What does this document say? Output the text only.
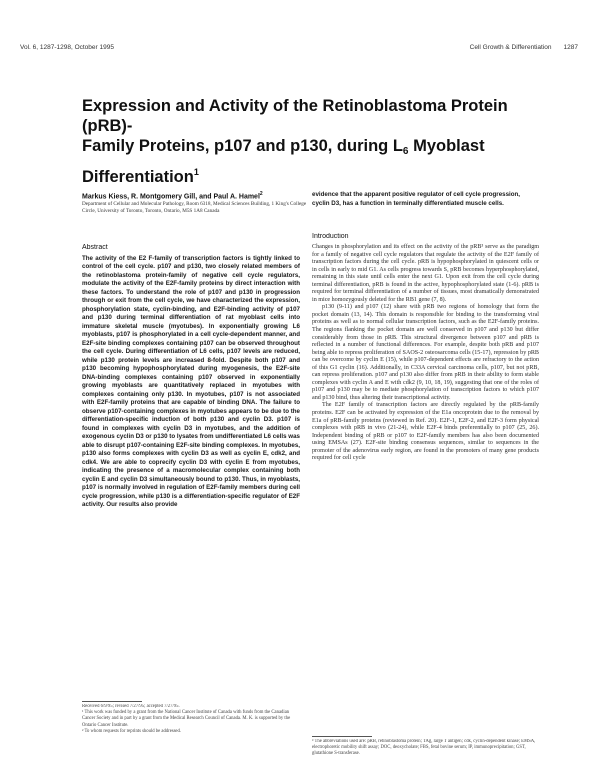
Vol. 6, 1287-1298, October 1995	Cell Growth & Differentiation 1287
Expression and Activity of the Retinoblastoma Protein (pRB)-
Family Proteins, p107 and p130, during $L_6$ Myoblast
Differentiation$^1$
Markus Kiess, R. Montgomery Gill, and Paul A. Hamel$^2$
Department of Cellular and Molecular Pathology, Room 6318, Medical Sciences Building, 1 King's College Circle, University of Toronto, Toronto, Ontario, M5S 1A8 Canada
Abstract
The activity of the E2 F-family of transcription factors is tightly linked to control of the cell cycle. p107 and p130, two closely related members of the retinoblastoma protein-family of negative cell cycle regulators, modulate the activity of the E2F-family proteins by direct interaction with these factors. To understand the role of p107 and p130 in progression through or exit from the cell cycle, we have characterized the expression, phosphorylation state, cyclin-binding, and E2F-binding activity of p107 and p130 during terminal differentiation of rat myoblast cells into immature skeletal muscle (myotubes). In exponentially growing L6 myoblasts, p107 is phosphorylated in a cell cycle-dependent manner, and E2F-site binding complexes containing p107 can be observed throughout the cell cycle. During differentiation of L6 cells, p107 levels are reduced, while p130 protein levels are increased 8-fold. Despite both p107 and p130 becoming hypophosphorylated during myogenesis, the E2F-site DNA-binding complexes containing p107 observed in exponentially growing myoblasts are quantitatively replaced in myotubes with complexes containing only p130. In myotubes, p107 is not associated with E2F-family proteins that are capable of binding DNA. The failure to observe p107-containing complexes in myotubes appears to be due to the differentiation-specific induction of both p130 and cyclin D3. p107 is found in complexes with cyclin D3 in myotubes, and the addition of exogenous cyclin D3 or p130 to lysates from undifferentiated L6 cells was able to disrupt p107-containing E2F-site binding complexes. In myotubes, p130 also forms complexes with cyclin D3 as well as cyclin E, cdk2, and cdk4. We are able to coprecify cyclin D3 with cyclin E from myotubes, indicating the presence of a macromolecular complex containing both cyclin E and cyclin D3 simultaneously bound to p130. Thus, in myoblasts, p107 is normally involved in regulation of E2F-family members during cell cycle progression, while p130 is a differentiation-specific regulator of E2F activity. Our results also provide
evidence that the apparent positive regulator of cell cycle progression, cyclin D3, has a function in terminally differentiated muscle cells.
Introduction

Changes in phosphorylation and its effect on the activity of the pRB³ serve as the paradigm for a family of negative cell cycle regulators that regulate the activity of the E2F family of transcription factors during the cell cycle. pRB is hypophosphorylated in quiescent cells or in cells in early to mid G1. As cells progress towards S, pRB becomes hyperphosphorylated, remaining in this state until cells enter the next G1. Upon exit from the cell cycle during terminal differentiation, pRB is found in the active, hypophosphorylated state (1-6). pRB is required for terminal differentiation of a number of tissues, most dramatically demonstrated in mice homozygously deleted for the RB1 gene (7, 8).

p130 (9-11) and p107 (12) share with pRB two regions of homology that form the pocket domain (13, 14). This domain is responsible for binding to the transforming viral proteins as well as to normal cellular transcription factors, such as the E2F-family proteins. The regions flanking the pocket domain are well conserved in p107 and p130 but differ considerably from those in pRB. This structural divergence between p107 and pRB is reflected in a number of functional differences. For example, despite both pRB and p107 being able to repress proliferation of SAOS-2 osteosarcoma cells (15-17), repression by pRB can be overcome by cyclin E (15), while p107-dependent effects are refractory to the action of this G1 cyclin (16). Additionally, in C33A cervical carcinoma cells, p107, but not pRB, can repress proliferation. p107 and p130 also differ from pRB in their ability to form stable complexes with cyclin A and E with cdk2 (9, 10, 18, 19), suggesting that one of the roles of p107 and p130 may be to mediate phosphorylation of transcription factors to which p107 and p130 bind, thus altering their transcriptional activity.

The E2F family of transcription factors are directly regulated by the pRB-family proteins. E2F can be activated by expression of the E1a oncoprotein due to the removal by E1a of pRB-family proteins (reviewed in Ref. 20). E2F-1, E2F-2, and E2F-3 form physical complexes with pRB in vivo (21-24), while E2F-4 binds preferentially to p107 (25, 26). Independent binding of pRB or p107 to E2F-family members has also been documented using EMSAs (27). E2F-site binding consensus sequences, similar to sequences in the promoter of the adenovirus early region, are found in the promoters of many gene products required for cell cycle

Received 6/9/95; revised 7/27/95; accepted 7/27/95.
¹ This work was funded by a grant from the National Cancer Institute of Canada with funds from the Canadian Cancer Society and in part by a grant from the Medical Research Council of Canada. M. K. is supported by the Ontario Cancer Institute.
² To whom requests for reprints should be addressed.
³ The abbreviations used are: pRB, retinoblastoma protein; TAg, large T antigen; cdk, cyclin-dependent kinase; EMSA, electrophoretic mobility shift assay; DOC, deoxycholate; FBS, fetal bovine serum; IP, immunoprecipitation; GST, glutathione S-transferase.
